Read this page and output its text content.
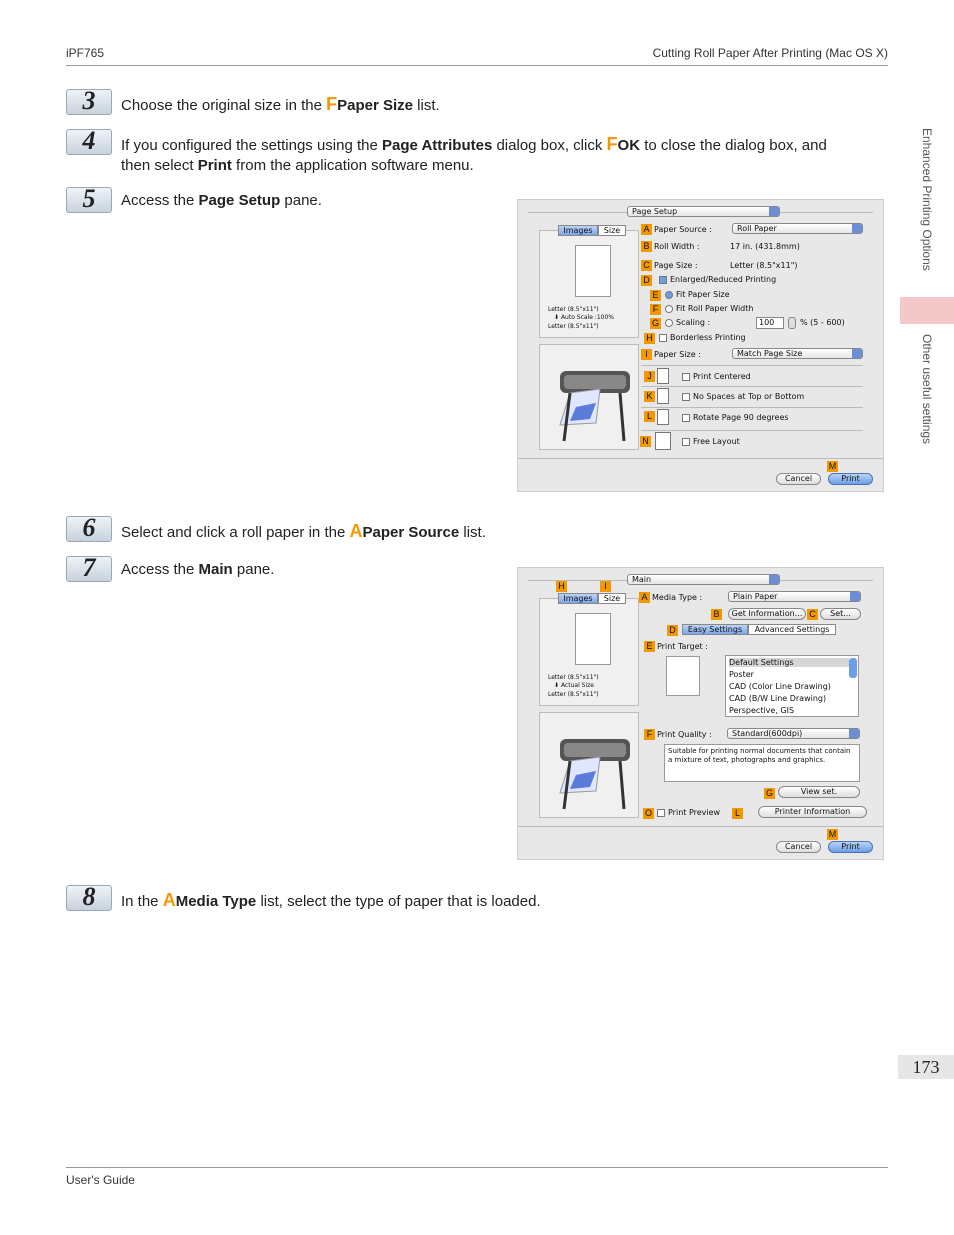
iPF765	Cutting Roll Paper After Printing (Mac OS X)
Enhanced Printing Options
Other useful settings
173
3	Choose the original size in the FPaper Size list.
4	If you configured the settings using the Page Attributes dialog box, click FOK to close the dialog box, and
then select Print from the application software menu.
5	Access the Page Setup pane.
Page Setup
Letter (8.5"x11")
⬇ Auto Scale :100%
Letter (8.5"x11")
Images	Size	A Paper Source :	Roll Paper
B Roll Width :	17 in. (431.8mm)
C Page Size :	Letter (8.5"x11")
D	Enlarged/Reduced Printing
E	Fit Paper Size
F	Fit Roll Paper Width
G	Scaling :	100	% (5 - 600)
H	Borderless Printing
I Paper Size :	Match Page Size
J	Print Centered
K	No Spaces at Top or Bottom
L	Rotate Page 90 degrees
N	Free Layout
M
Cancel	Print
6	Select and click a roll paper in the APaper Source list.
7	Access the Main pane.
Main
H	I
Letter (8.5"x11")
⬇ Actual Size
Letter (8.5"x11")
Images	Size	A Media Type :	Plain Paper
B	Get Information... C	Set...
D	Easy Settings	Advanced Settings
E Print Target :
Default Settings
Poster
CAD (Color Line Drawing)
CAD (B/W Line Drawing)
Perspective, GIS
F Print Quality :	Standard(600dpi)
Suitable for printing normal documents that contain a mixture of text, photographs and graphics.
G	View set.
O	Print Preview	L	Printer Information
M
Cancel	Print
8	In the AMedia Type list, select the type of paper that is loaded.
User's Guide
